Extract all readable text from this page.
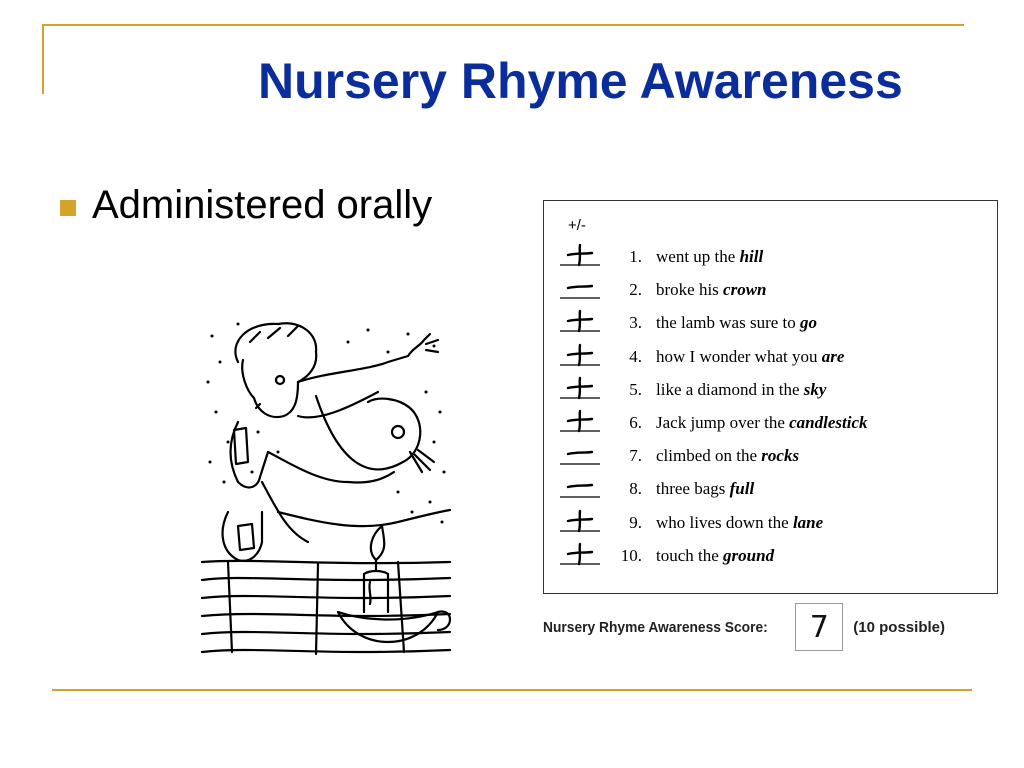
Nursery Rhyme Awareness
Administered orally	+/-
1. went up the hill
2. broke his crown
3. the lamb was sure to go
4. how I wonder what you are
5. like a diamond in the sky
6. Jack jump over the candlestick
7. climbed on the rocks
8. three bags full
9. who lives down the lane
10. touch the ground
Nursery Rhyme Awareness Score: 7 (10 possible)
